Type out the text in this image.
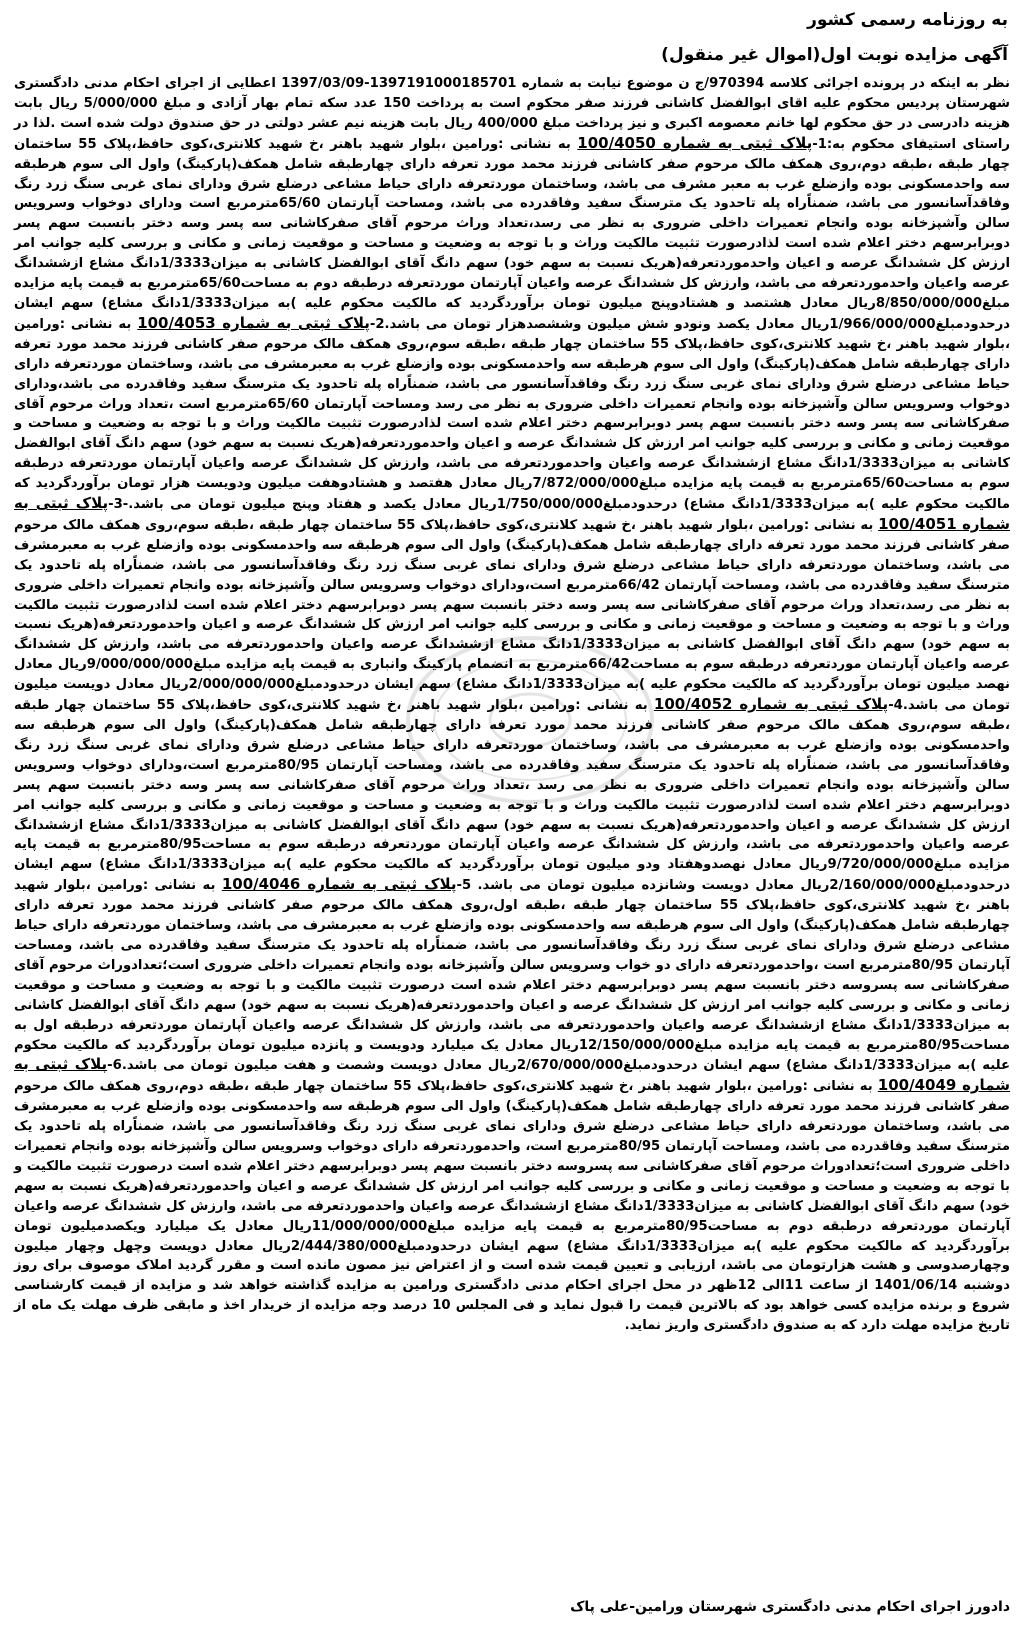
به روزنامه رسمی کشور
آگهی مزایده نوبت اول(اموال غیر منقول)

نظر به اینکه در پرونده اجرائی کلاسه 970394/ج ن موضوع نیابت به شماره 1397191000185701-1397/03/09 اعطایی از اجرای احکام مدنی دادگستری شهرستان پردیس محکوم علیه اقای ابوالفضل کاشانی فرزند صفر محکوم است به پرداخت 150 عدد سکه تمام بهار آزادی و مبلغ 5/000/000 ریال بابت هزینه دادرسی در حق محکوم لها خانم معصومه اکبری و نیز پرداخت مبلغ 400/000 ریال بابت هزینه نیم عشر دولتی در حق صندوق دولت شده است .لذا در راستای استیفای محکوم به:1-پلاک ثبتی به شماره 100/4050 به نشانی :ورامین ،بلوار شهید باهنر ،خ شهید کلانتری،کوی حافظ،پلاک 55 ساختمان چهار طبقه ،طبقه دوم،روی همکف مالک مرحوم صفر کاشانی فرزند محمد مورد تعرفه دارای چهارطبقه شامل همکف(پارکینگ) واول الی سوم هرطبقه سه واحدمسکونی بوده وازضلع غرب به معبر مشرف می باشد، وساختمان موردتعرفه دارای حیاط مشاعی درضلع شرق ودارای نمای غربی سنگ زرد رنگ وفاقدآسانسور می باشد، ضمناًراه پله تاحدود یک مترسنگ سفید وفاقدرده می باشد، ومساحت آپارتمان 65/60مترمربع است ودارای دوخواب وسرویس سالن وآشپزخانه بوده وانجام تعمیرات داخلی ضروری به نظر می رسد،تعداد وراث مرحوم آقای صفرکاشانی سه پسر وسه دختر بانسبت سهم پسر دوبرابرسهم دختر اعلام شده است لذادرصورت تثبیت مالکیت وراث و با توجه به وضعیت و مساحت و موقعیت زمانی و مکانی و بررسی کلیه جوانب امر ارزش کل ششدانگ عرصه و اعیان واحدموردتعرفه(هریک نسبت به سهم خود) سهم دانگ آقای ابوالفضل کاشانی به میزان1/3333دانگ مشاع ازششدانگ عرصه واعیان واحدموردتعرفه می باشد، وارزش کل ششدانگ عرصه واعیان آپارتمان موردتعرفه درطبقه دوم به مساحت65/60مترمربع به قیمت پایه مزایده مبلغ8/850/000/000ریال معادل هشتصد و هشتادوپنج میلیون تومان برآوردگردید که مالکیت محکوم علیه )به میزان1/3333دانگ مشاع) سهم ایشان درحدودمبلغ1/966/000/000ریال معادل یکصد ونودو شش میلیون وششصدهزار تومان می باشد.2-پلاک ثبتی به شماره 100/4053 به نشانی :ورامین ،بلوار شهید باهنر ،خ شهید کلانتری،کوی حافظ،پلاک 55 ساختمان چهار طبقه ،طبقه سوم،روی همکف مالک مرحوم صفر کاشانی فرزند محمد مورد تعرفه دارای چهارطبقه شامل همکف(پارکینگ) واول الی سوم هرطبقه سه واحدمسکونی بوده وازضلع غرب به معبرمشرف می باشد، وساختمان موردتعرفه دارای حیاط مشاعی درضلع شرق ودارای نمای غربی سنگ زرد رنگ وفاقدآسانسور می باشد، ضمناًراه پله تاحدود یک مترسنگ سفید وفاقدرده می باشد،ودارای دوخواب وسرویس سالن وآشپزخانه بوده وانجام تعمیرات داخلی ضروری به نظر می رسد ومساحت آپارتمان 65/60مترمربع است ،تعداد وراث مرحوم آقای صفرکاشانی سه پسر وسه دختر بانسبت سهم پسر دوبرابرسهم دختر اعلام شده است لذادرصورت تثبیت مالکیت وراث و با توجه به وضعیت و مساحت و موقعیت زمانی و مکانی و بررسی کلیه جوانب امر ارزش کل ششدانگ عرصه و اعیان واحدموردتعرفه(هریک نسبت به سهم خود) سهم دانگ آقای ابوالفضل کاشانی به میزان1/3333دانگ مشاع ازششدانگ عرصه واعیان واحدموردتعرفه می باشد، وارزش کل ششدانگ عرصه واعیان آپارتمان موردتعرفه درطبقه سوم به مساحت65/60مترمربع به قیمت پایه مزایده مبلغ7/872/000/000ریال معادل هفتصد و هشتادوهفت میلیون ودویست هزار تومان برآوردگردید که مالکیت محکوم علیه )به میزان1/3333دانگ مشاع) درحدودمبلغ1/750/000/000ریال معادل یکصد و هفتاد وپنج میلیون تومان می باشد.-3-پلاک ثبتی به شماره 100/4051 به نشانی :ورامین ،بلوار شهید باهنر ،خ شهید کلانتری،کوی حافظ،پلاک 55 ساختمان چهار طبقه ،طبقه سوم،روی همکف مالک مرحوم صفر کاشانی فرزند محمد مورد تعرفه دارای چهارطبقه شامل همکف(پارکینگ) واول الی سوم هرطبقه سه واحدمسکونی بوده وازضلع غرب به معبرمشرف می باشد، وساختمان موردتعرفه دارای حیاط مشاعی درضلع شرق ودارای نمای غربی سنگ زرد رنگ وفاقدآسانسور می باشد، ضمناًراه پله تاحدود یک مترسنگ سفید وفاقدرده می باشد، ومساحت آپارتمان 66/42مترمربع است،ودارای دوخواب وسرویس سالن وآشپزخانه بوده وانجام تعمیرات داخلی ضروری به نظر می رسد،تعداد وراث مرحوم آقای صفرکاشانی سه پسر وسه دختر بانسبت سهم پسر دوبرابرسهم دختر اعلام شده است لذادرصورت تثبیت مالکیت وراث و با توجه به وضعیت و مساحت و موقعیت زمانی و مکانی و بررسی کلیه جوانب امر ارزش کل ششدانگ عرصه و اعیان واحدموردتعرفه(هریک نسبت به سهم خود) سهم دانگ آقای ابوالفضل کاشانی به میزان1/3333دانگ مشاع ازششدانگ عرصه واعیان واحدموردتعرفه می باشد، وارزش کل ششدانگ عرصه واعیان آپارتمان موردتعرفه درطبقه سوم به مساحت66/42مترمربع به انضمام پارکینگ وانباری به قیمت پایه مزایده مبلغ9/000/000/000ریال معادل نهصد میلیون تومان برآوردگردید که مالکیت محکوم علیه )به میزان1/3333دانگ مشاع) سهم ایشان درحدودمبلغ2/000/000/000ریال معادل دویست میلیون تومان می باشد.4-پلاک ثبتی به شماره 100/4052 به نشانی :ورامین ،بلوار شهید باهنر ،خ شهید کلانتری،کوی حافظ،پلاک 55 ساختمان چهار طبقه ،طبقه سوم،روی همکف مالک مرحوم صفر کاشانی فرزند محمد مورد تعرفه دارای چهارطبقه شامل همکف(پارکینگ) واول الی سوم هرطبقه سه واحدمسکونی بوده وازضلع غرب به معبرمشرف می باشد، وساختمان موردتعرفه دارای حیاط مشاعی درضلع شرق ودارای نمای غربی سنگ زرد رنگ وفاقدآسانسور می باشد، ضمناًراه پله تاحدود یک مترسنگ سفید وفاقدرده می باشد، ومساحت آپارتمان 80/95مترمربع است،ودارای دوخواب وسرویس سالن وآشپزخانه بوده وانجام تعمیرات داخلی ضروری به نظر می رسد ،تعداد وراث مرحوم آقای صفرکاشانی سه پسر وسه دختر بانسبت سهم پسر دوبرابرسهم دختر اعلام شده است لذادرصورت تثبیت مالکیت وراث و با توجه به وضعیت و مساحت و موقعیت زمانی و مکانی و بررسی کلیه جوانب امر ارزش کل ششدانگ عرصه و اعیان واحدموردتعرفه(هریک نسبت به سهم خود) سهم دانگ آقای ابوالفضل کاشانی به میزان1/3333دانگ مشاع ازششدانگ عرصه واعیان واحدموردتعرفه می باشد، وارزش کل ششدانگ عرصه واعیان آپارتمان موردتعرفه درطبقه سوم به مساحت80/95مترمربع به قیمت پایه مزایده مبلغ9/720/000/000ریال معادل نهصدوهفتاد ودو میلیون تومان برآوردگردید که مالکیت محکوم علیه )به میزان1/3333دانگ مشاع) سهم ایشان درحدودمبلغ2/160/000/000ریال معادل دویست وشانزده میلیون تومان می باشد. 5-پلاک ثبتی به شماره 100/4046 به نشانی :ورامین ،بلوار شهید باهنر ،خ شهید کلانتری،کوی حافظ،پلاک 55 ساختمان چهار طبقه ،طبقه اول،روی همکف مالک مرحوم صفر کاشانی فرزند محمد مورد تعرفه دارای چهارطبقه شامل همکف(پارکینگ) واول الی سوم هرطبقه سه واحدمسکونی بوده وازضلع غرب به معبرمشرف می باشد، وساختمان موردتعرفه دارای حیاط مشاعی درضلع شرق ودارای نمای غربی سنگ زرد رنگ وفاقدآسانسور می باشد، ضمناًراه پله تاحدود یک مترسنگ سفید وفاقدرده می باشد، ومساحت آپارتمان 80/95مترمربع است ،واحدموردتعرفه دارای دو خواب وسرویس سالن وآشپزخانه بوده وانجام تعمیرات داخلی ضروری است؛تعدادوراث مرحوم آقای صفرکاشانی سه پسروسه دختر بانسبت سهم پسر دوبرابرسهم دختر اعلام شده است درصورت تثبیت مالکیت و با توجه به وضعیت و مساحت و موقعیت زمانی و مکانی و بررسی کلیه جوانب امر ارزش کل ششدانگ عرصه و اعیان واحدموردتعرفه(هریک نسبت به سهم خود) سهم دانگ آقای ابوالفضل کاشانی به میزان1/3333دانگ مشاع ازششدانگ عرصه واعیان واحدموردتعرفه می باشد، وارزش کل ششدانگ عرصه واعیان آپارتمان موردتعرفه درطبقه اول به مساحت80/95مترمربع به قیمت پایه مزایده مبلغ12/150/000/000ریال معادل یک میلیارد ودویست و پانزده میلیون تومان برآوردگردید که مالکیت محکوم علیه )به میزان1/3333دانگ مشاع) سهم ایشان درحدودمبلغ2/670/000/000ریال معادل دویست وشصت و هفت میلیون تومان می باشد.6-پلاک ثبتی به شماره 100/4049 به نشانی :ورامین ،بلوار شهید باهنر ،خ شهید کلانتری،کوی حافظ،پلاک 55 ساختمان چهار طبقه ،طبقه دوم،روی همکف مالک مرحوم صفر کاشانی فرزند محمد مورد تعرفه دارای چهارطبقه شامل همکف(پارکینگ) واول الی سوم هرطبقه سه واحدمسکونی بوده وازضلع غرب به معبرمشرف می باشد، وساختمان موردتعرفه دارای حیاط مشاعی درضلع شرق ودارای نمای غربی سنگ زرد رنگ وفاقدآسانسور می باشد، ضمناًراه پله تاحدود یک مترسنگ سفید وفاقدرده می باشد، ومساحت آپارتمان 80/95مترمربع است، واحدموردتعرفه دارای دوخواب وسرویس سالن وآشپزخانه بوده وانجام تعمیرات داخلی ضروری است؛تعدادوراث مرحوم آقای صفرکاشانی سه پسروسه دختر بانسبت سهم پسر دوبرابرسهم دختر اعلام شده است درصورت تثبیت مالکیت و با توجه به وضعیت و مساحت و موقعیت زمانی و مکانی و بررسی کلیه جوانب امر ارزش کل ششدانگ عرصه و اعیان واحدموردتعرفه(هریک نسبت به سهم خود) سهم دانگ آقای ابوالفضل کاشانی به میزان1/3333دانگ مشاع ازششدانگ عرصه واعیان واحدموردتعرفه می باشد، وارزش کل ششدانگ عرصه واعیان آپارتمان موردتعرفه درطبقه دوم به مساحت80/95مترمربع به قیمت پایه مزایده مبلغ11/000/000/000ریال معادل یک میلیارد ویکصدمیلیون تومان برآوردگردید که مالکیت محکوم علیه )به میزان1/3333دانگ مشاع) سهم ایشان درحدودمبلغ2/444/380/000ریال معادل دویست وچهل وچهار میلیون وچهارصدوسی و هشت هزارتومان می باشد، ارزیابی و تعیین قیمت شده است و از اعتراض نیز مصون مانده است و مقرر گردید املاک موصوف برای روز دوشنبه 1401/06/14 از ساعت 11الی 12ظهر در محل اجرای احکام مدنی دادگستری ورامین به مزایده گذاشته خواهد شد و مزایده از قیمت کارشناسی شروع و برنده مزایده کسی خواهد بود که بالاترین قیمت را قبول نماید و فی المجلس 10 درصد وجه مزایده از خریدار اخذ و مابقی ظرف مهلت یک ماه از تاریخ مزایده مهلت دارد که به صندوق دادگستری واریز نماید.

دادورز اجرای احکام مدنی دادگستری شهرستان ورامین-علی پاک
